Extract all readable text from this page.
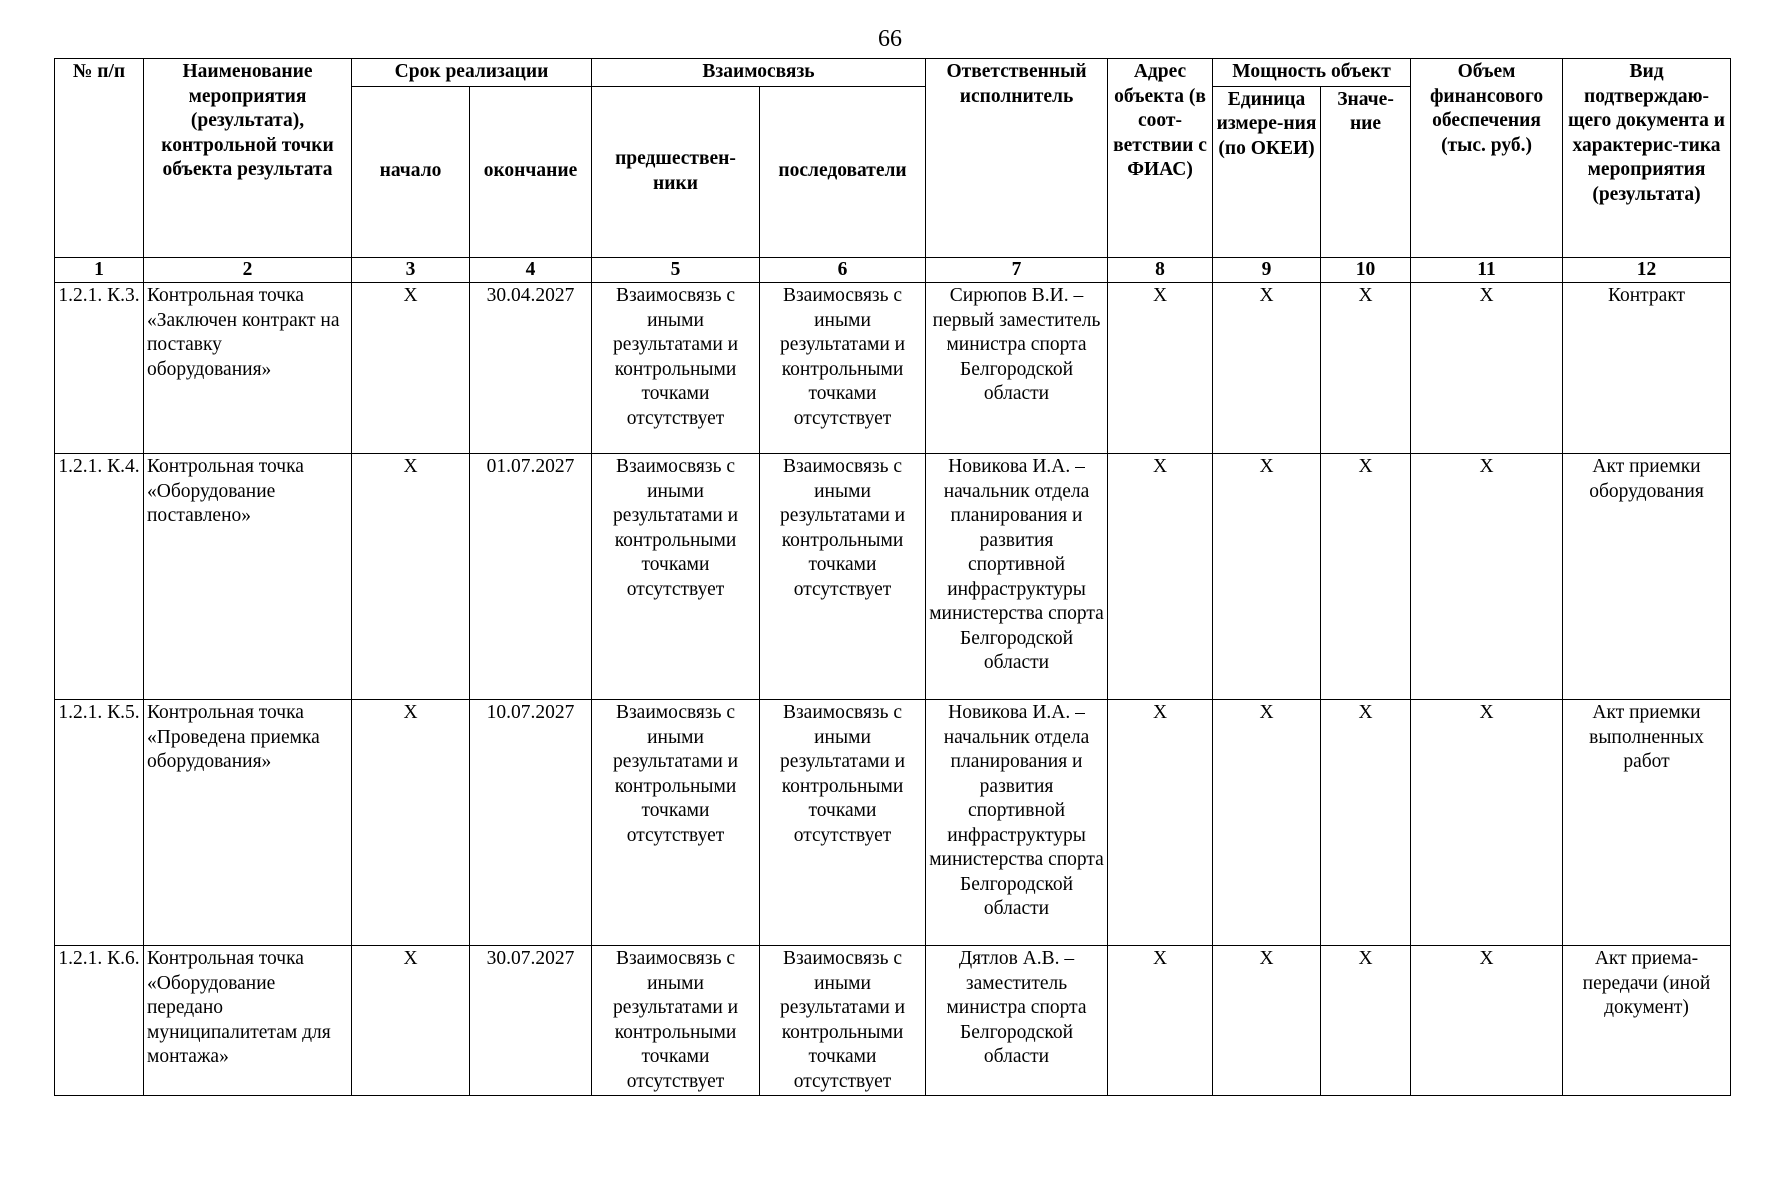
66
№ п/п	Наименование мероприятия (результата), контрольной точки объекта результата	Срок реализации		Взаимосвязь		Ответственный исполнитель	Адрес объекта (в соот-ветствии с ФИАС)	Мощность объект		Объем финансового обеспечения (тыс. руб.)	Вид подтверждаю-щего документа и характерис-тика мероприятия (результата)
		начало	окончание	предшествен-ники	последователи			Единица измере-ния (по ОКЕИ)	Значе-ние		
1	2	3	4	5	6	7	8	9	10	11	12
1.2.1. К.3.	Контрольная точка «Заключен контракт на поставку оборудования»	X	30.04.2027	Взаимосвязь с иными результатами и контрольными точками отсутствует	Взаимосвязь с иными результатами и контрольными точками отсутствует	Сирюпов В.И. – первый заместитель министра спорта Белгородской области	X	X	X	X	Контракт
1.2.1. К.4.	Контрольная точка «Оборудование поставлено»	X	01.07.2027	Взаимосвязь с иными результатами и контрольными точками отсутствует	Взаимосвязь с иными результатами и контрольными точками отсутствует	Новикова И.А. – начальник отдела планирования и развития спортивной инфраструктуры министерства спорта Белгородской области	X	X	X	X	Акт приемки оборудования
1.2.1. К.5.	Контрольная точка «Проведена приемка оборудования»	X	10.07.2027	Взаимосвязь с иными результатами и контрольными точками отсутствует	Взаимосвязь с иными результатами и контрольными точками отсутствует	Новикова И.А. – начальник отдела планирования и развития спортивной инфраструктуры министерства спорта Белгородской области	X	X	X	X	Акт приемки выполненных работ
1.2.1. К.6.	Контрольная точка «Оборудование передано муниципалитетам для монтажа»	X	30.07.2027	Взаимосвязь с иными результатами и контрольными точками отсутствует	Взаимосвязь с иными результатами и контрольными точками отсутствует	Дятлов А.В. – заместитель министра спорта Белгородской области	X	X	X	X	Акт приема-передачи (иной документ)
